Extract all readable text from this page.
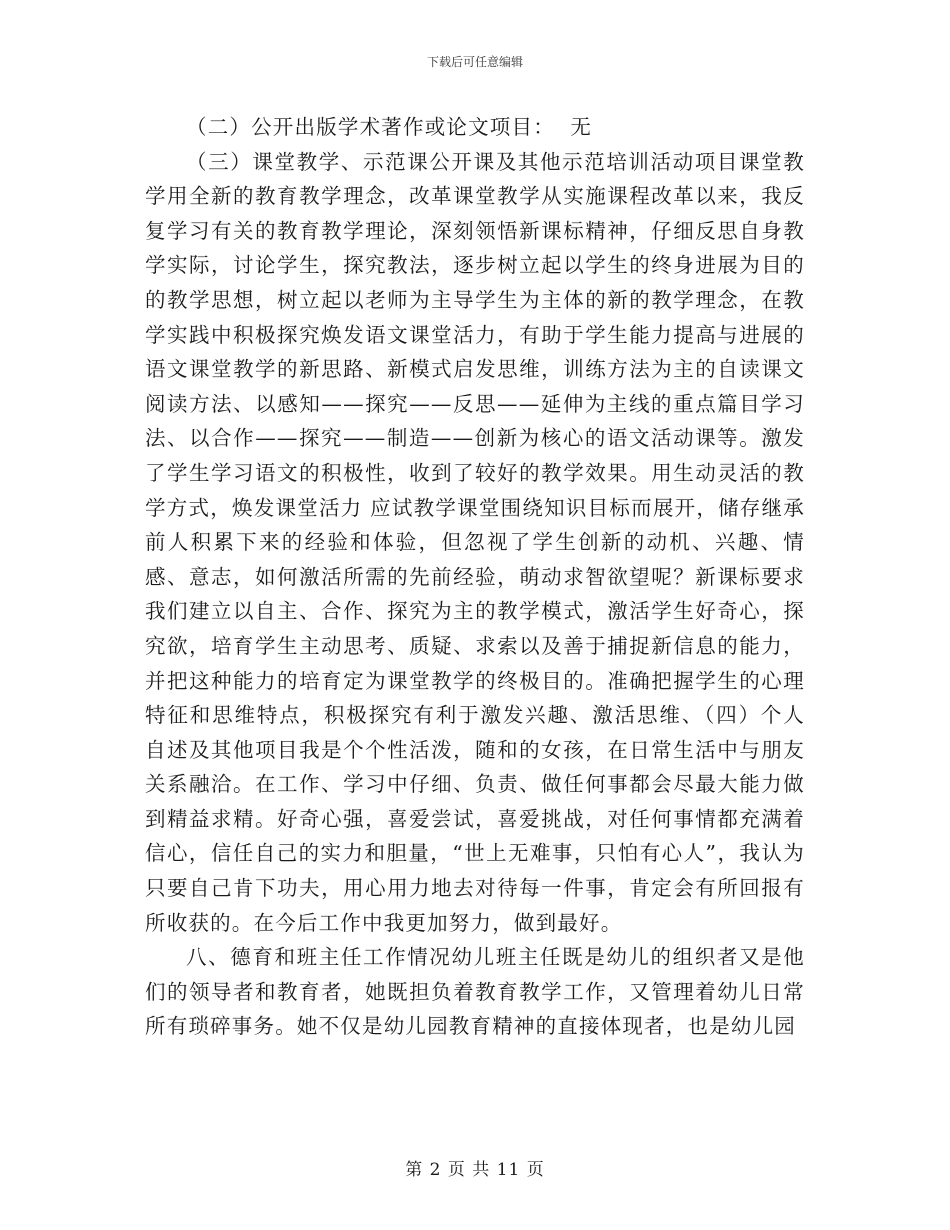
下载后可任意编辑

（二）公开出版学术著作或论文项目：  无

（三）课堂教学、示范课公开课及其他示范培训活动项目课堂教学用全新的教育教学理念，改革课堂教学从实施课程改革以来，我反复学习有关的教育教学理论，深刻领悟新课标精神，仔细反思自身教学实际，讨论学生，探究教法，逐步树立起以学生的终身进展为目的的教学思想，树立起以老师为主导学生为主体的新的教学理念，在教学实践中积极探究焕发语文课堂活力，有助于学生能力提高与进展的语文课堂教学的新思路、新模式启发思维，训练方法为主的自读课文阅读方法、以感知——探究——反思——延伸为主线的重点篇目学习法、以合作——探究——制造——创新为核心的语文活动课等。激发了学生学习语文的积极性，收到了较好的教学效果。用生动灵活的教学方式，焕发课堂活力 应试教学课堂围绕知识目标而展开，储存继承前人积累下来的经验和体验，但忽视了学生创新的动机、兴趣、情感、意志，如何激活所需的先前经验，萌动求智欲望呢？新课标要求我们建立以自主、合作、探究为主的教学模式，激活学生好奇心，探究欲，培育学生主动思考、质疑、求索以及善于捕捉新信息的能力，并把这种能力的培育定为课堂教学的终极目的。准确把握学生的心理特征和思维特点，积极探究有利于激发兴趣、激活思维、（四）个人自述及其他项目我是个个性活泼，随和的女孩，在日常生活中与朋友关系融洽。在工作、学习中仔细、负责、做任何事都会尽最大能力做到精益求精。好奇心强，喜爱尝试，喜爱挑战，对任何事情都充满着信心，信任自己的实力和胆量，“世上无难事，只怕有心人”，我认为只要自己肯下功夫，用心用力地去对待每一件事，肯定会有所回报有所收获的。在今后工作中我更加努力，做到最好。

八、德育和班主任工作情况幼儿班主任既是幼儿的组织者又是他们的领导者和教育者，她既担负着教育教学工作，又管理着幼儿日常所有琐碎事务。她不仅是幼儿园教育精神的直接体现者，也是幼儿园

第 2 页 共 11 页
